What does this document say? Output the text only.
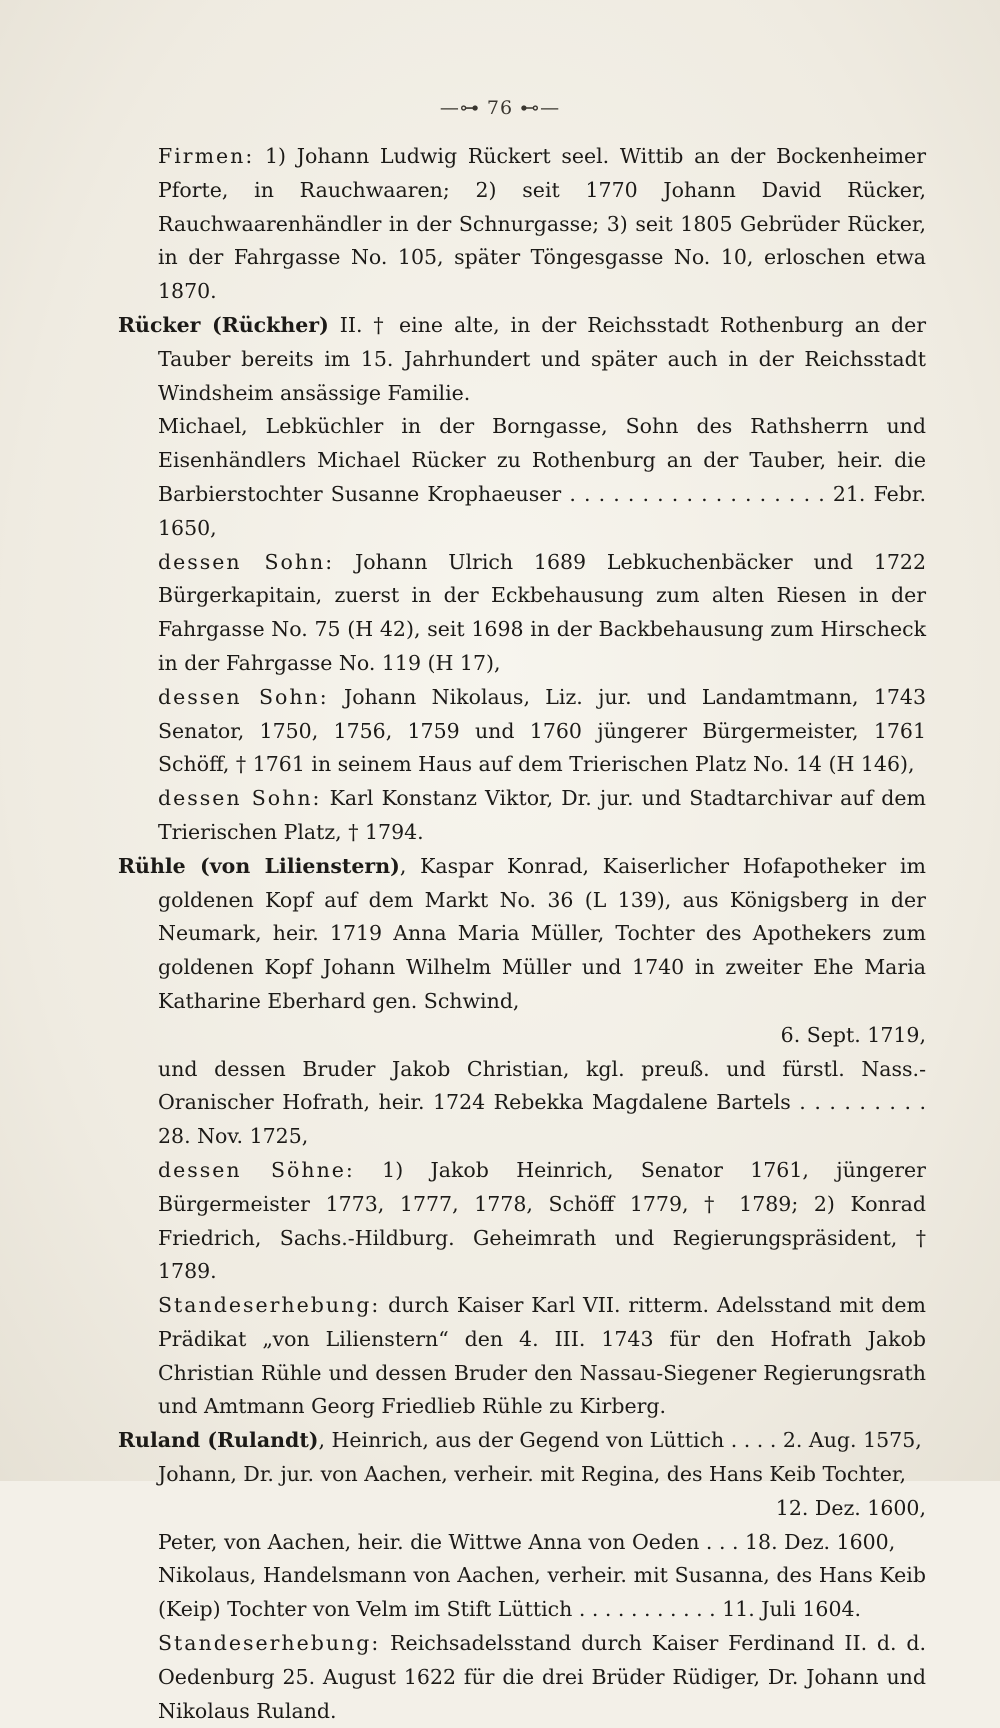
—⊶ 76 ⊷—

Firmen: 1) Johann Ludwig Rückert seel. Wittib an der Bockenheimer Pforte, in Rauchwaaren; 2) seit 1770 Johann David Rücker, Rauchwaarenhändler in der Schnurgasse; 3) seit 1805 Gebrüder Rücker, in der Fahrgasse No. 105, später Töngesgasse No. 10, erloschen etwa 1870.

Rücker (Rückher) II. † eine alte, in der Reichsstadt Rothenburg an der Tauber bereits im 15. Jahrhundert und später auch in der Reichsstadt Windsheim ansässige Familie.

Michael, Lebküchler in der Borngasse, Sohn des Rathsherrn und Eisenhändlers Michael Rücker zu Rothenburg an der Tauber, heir. die Barbierstochter Susanne Krophaeuser . . . . . . . . . . . . . . . . . . 21. Febr. 1650,

dessen Sohn: Johann Ulrich 1689 Lebkuchenbäcker und 1722 Bürgerkapitain, zuerst in der Eckbehausung zum alten Riesen in der Fahrgasse No. 75 (H 42), seit 1698 in der Backbehausung zum Hirscheck in der Fahrgasse No. 119 (H 17),

dessen Sohn: Johann Nikolaus, Liz. jur. und Landamtmann, 1743 Senator, 1750, 1756, 1759 und 1760 jüngerer Bürgermeister, 1761 Schöff, † 1761 in seinem Haus auf dem Trierischen Platz No. 14 (H 146),

dessen Sohn: Karl Konstanz Viktor, Dr. jur. und Stadtarchivar auf dem Trierischen Platz, † 1794.

Rühle (von Lilienstern), Kaspar Konrad, Kaiserlicher Hofapotheker im goldenen Kopf auf dem Markt No. 36 (L 139), aus Königsberg in der Neumark, heir. 1719 Anna Maria Müller, Tochter des Apothekers zum goldenen Kopf Johann Wilhelm Müller und 1740 in zweiter Ehe Maria Katharine Eberhard gen. Schwind,

6. Sept. 1719,

und dessen Bruder Jakob Christian, kgl. preuß. und fürstl. Nass.-Oranischer Hofrath, heir. 1724 Rebekka Magdalene Bartels . . . . . . . . . 28. Nov. 1725,

dessen Söhne: 1) Jakob Heinrich, Senator 1761, jüngerer Bürgermeister 1773, 1777, 1778, Schöff 1779, † 1789; 2) Konrad Friedrich, Sachs.-Hildburg. Geheimrath und Regierungspräsident, † 1789.

Standeserhebung: durch Kaiser Karl VII. ritterm. Adelsstand mit dem Prädikat „von Lilienstern“ den 4. III. 1743 für den Hofrath Jakob Christian Rühle und dessen Bruder den Nassau-Siegener Regierungsrath und Amtmann Georg Friedlieb Rühle zu Kirberg.

Ruland (Rulandt), Heinrich, aus der Gegend von Lüttich . . . . 2. Aug. 1575,

Johann, Dr. jur. von Aachen, verheir. mit Regina, des Hans Keib Tochter,

12. Dez. 1600,

Peter, von Aachen, heir. die Wittwe Anna von Oeden . . . 18. Dez. 1600,

Nikolaus, Handelsmann von Aachen, verheir. mit Susanna, des Hans Keib (Keip) Tochter von Velm im Stift Lüttich . . . . . . . . . . . 11. Juli 1604.

Standeserhebung: Reichsadelsstand durch Kaiser Ferdinand II. d. d. Oedenburg 25. August 1622 für die drei Brüder Rüdiger, Dr. Johann und Nikolaus Ruland.
